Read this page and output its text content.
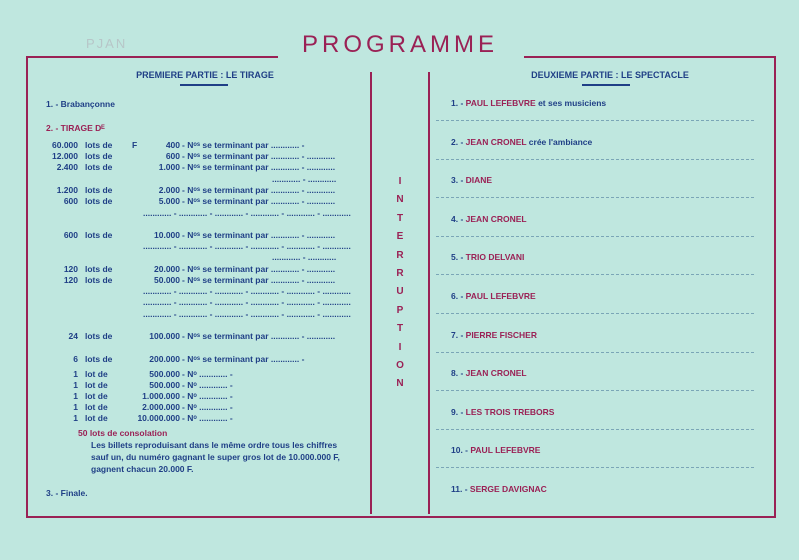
PJAN	PROGRAMME
PREMIERE PARTIE : LE TIRAGE	DEUXIEME PARTIE : LE SPECTACLE
1. - Brabançonne
2. - TIRAGE Dᴱ
60.000 lots de F	400 - Nᵒˢ se terminant par ............ -
12.000 lots de	600 - Nᵒˢ se terminant par ............ - ............
2.400 lots de	1.000 - Nᵒˢ se terminant par ............ - ............
............ - ............
1.200 lots de	2.000 - Nᵒˢ se terminant par ............ - ............
600 lots de	5.000 - Nᵒˢ se terminant par ............ - ............
............ - ............ - ............ - ............ - ............ - ............
600 lots de	10.000 - Nᵒˢ se terminant par ............ - ............
............ - ............ - ............ - ............ - ............ - ............
............ - ............
120 lots de	20.000 - Nᵒˢ se terminant par ............ - ............
120 lots de	50.000 - Nᵒˢ se terminant par ............ - ............
............ - ............ - ............ - ............ - ............ - ............
............ - ............ - ............ - ............ - ............ - ............
............ - ............ - ............ - ............ - ............ - ............
24 lots de	100.000 - Nᵒˢ se terminant par ............ - ............
6 lots de	200.000 - Nᵒˢ se terminant par ............ -
1 lot de	500.000 - Nᵒ ............ -
1 lot de	500.000 - Nᵒ ............ -
1 lot de	1.000.000 - Nᵒ ............ -
1 lot de	2.000.000 - Nᵒ ............ -
1 lot de	10.000.000 - Nᵒ ............ -
50 lots de consolation
Les billets reproduisant dans le même ordre tous les chiffres
sauf un, du numéro gagnant le super gros lot de 10.000.000 F,
gagnent chacun 20.000 F.
3. - Finale.
I
N
T
E
R
R
U
P
T
I
O
N
1. - PAUL LEFEBVRE et ses musiciens
2. - JEAN CRONEL crée l'ambiance
3. - DIANE
4. - JEAN CRONEL
5. - TRIO DELVANI
6. - PAUL LEFEBVRE
7. - PIERRE FISCHER
8. - JEAN CRONEL
9. - LES TROIS TREBORS
10. - PAUL LEFEBVRE
11. - SERGE DAVIGNAC
